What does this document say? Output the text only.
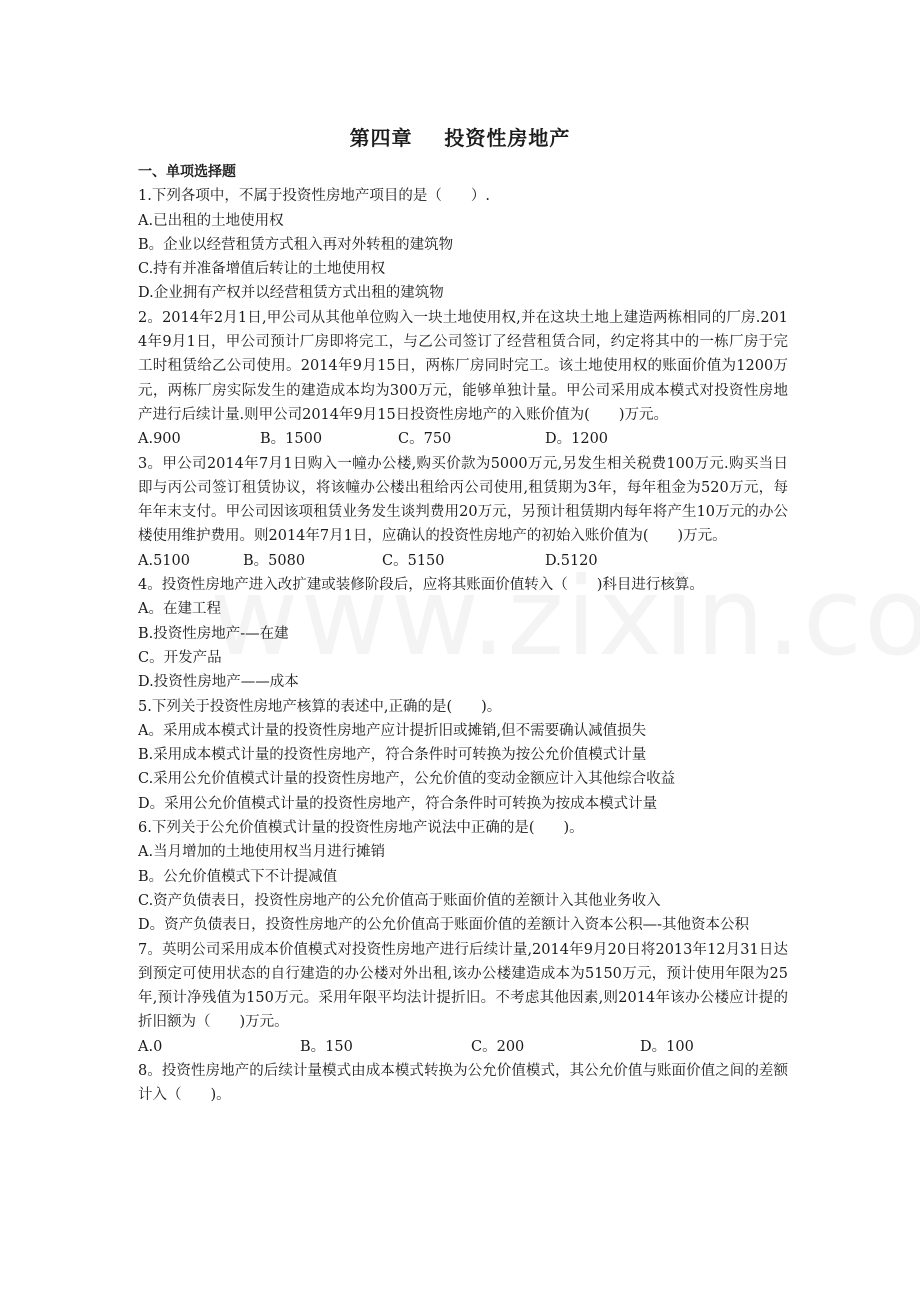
第四章    投资性房地产
一、单项选择题
1.下列各项中，不属于投资性房地产项目的是（　　）.
A.已出租的土地使用权
B。企业以经营租赁方式租入再对外转租的建筑物
C.持有并准备增值后转让的土地使用权
D.企业拥有产权并以经营租赁方式出租的建筑物
2。2014年2月1日,甲公司从其他单位购入一块土地使用权,并在这块土地上建造两栋相同的厂房.2014年9月1日，甲公司预计厂房即将完工，与乙公司签订了经营租赁合同，约定将其中的一栋厂房于完工时租赁给乙公司使用。2014年9月15日，两栋厂房同时完工。该土地使用权的账面价值为1200万元，两栋厂房实际发生的建造成本均为300万元，能够单独计量。甲公司采用成本模式对投资性房地产进行后续计量.则甲公司2014年9月15日投资性房地产的入账价值为(　　)万元。
A.900	B。1500	C。750	D。1200
3。甲公司2014年7月1日购入一幢办公楼,购买价款为5000万元,另发生相关税费100万元.购买当日即与丙公司签订租赁协议，将该幢办公楼出租给丙公司使用,租赁期为3年，每年租金为520万元，每年年末支付。甲公司因该项租赁业务发生谈判费用20万元，另预计租赁期内每年将产生10万元的办公楼使用维护费用。则2014年7月1日，应确认的投资性房地产的初始入账价值为(　　)万元。
A.5100	B。5080	C。5150	D.5120
4。投资性房地产进入改扩建或装修阶段后，应将其账面价值转入（　　)科目进行核算。
A。在建工程
B.投资性房地产-—在建
C。开发产品
D.投资性房地产——成本
5.下列关于投资性房地产核算的表述中,正确的是(　　)。
A。采用成本模式计量的投资性房地产应计提折旧或摊销,但不需要确认减值损失
B.采用成本模式计量的投资性房地产，符合条件时可转换为按公允价值模式计量
C.采用公允价值模式计量的投资性房地产，公允价值的变动金额应计入其他综合收益
D。采用公允价值模式计量的投资性房地产，符合条件时可转换为按成本模式计量
6.下列关于公允价值模式计量的投资性房地产说法中正确的是(　　)。
A.当月增加的土地使用权当月进行摊销
B。公允价值模式下不计提减值
C.资产负债表日，投资性房地产的公允价值高于账面价值的差额计入其他业务收入
D。资产负债表日，投资性房地产的公允价值高于账面价值的差额计入资本公积—-其他资本公积
7。英明公司采用成本价值模式对投资性房地产进行后续计量,2014年9月20日将2013年12月31日达到预定可使用状态的自行建造的办公楼对外出租,该办公楼建造成本为5150万元，预计使用年限为25年,预计净残值为150万元。采用年限平均法计提折旧。不考虑其他因素,则2014年该办公楼应计提的折旧额为（　　)万元。
A.0	B。150	C。200	D。100
8。投资性房地产的后续计量模式由成本模式转换为公允价值模式，其公允价值与账面价值之间的差额计入（　　)。
